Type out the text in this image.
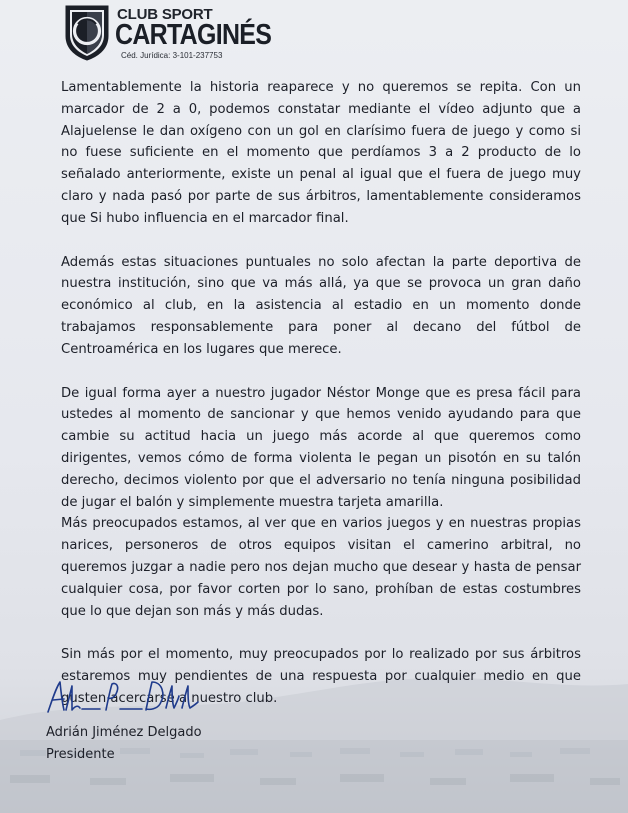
CLUB SPORT
CARTAGINÉS
Céd. Jurídica: 3-101-237753

Lamentablemente la historia reaparece y no queremos se repita. Con un marcador de 2 a 0, podemos constatar mediante el vídeo adjunto que a Alajuelense le dan oxígeno con un gol en clarísimo fuera de juego y como si no fuese suficiente en el momento que perdíamos 3 a 2 producto de lo señalado anteriormente, existe un penal al igual que el fuera de juego muy claro y nada pasó por parte de sus árbitros, lamentablemente consideramos que Si hubo influencia en el marcador final.

Además estas situaciones puntuales no solo afectan la parte deportiva de nuestra institución, sino que va más allá, ya que se provoca un gran daño económico al club, en la asistencia al estadio en un momento donde trabajamos responsablemente para poner al decano del fútbol de Centroamérica en los lugares que merece.

De igual forma ayer a nuestro jugador Néstor Monge que es presa fácil para ustedes al momento de sancionar y que hemos venido ayudando para que cambie su actitud hacia un juego más acorde al que queremos como dirigentes, vemos cómo de forma violenta le pegan un pisotón en su talón derecho, decimos violento por que el adversario no tenía ninguna posibilidad de jugar el balón y simplemente muestra tarjeta amarilla.

Más preocupados estamos, al ver que en varios juegos y en nuestras propias narices, personeros de otros equipos visitan el camerino arbitral, no queremos juzgar a nadie pero nos dejan mucho que desear y hasta de pensar cualquier cosa, por favor corten por lo sano, prohíban de estas costumbres que lo que dejan son más y más dudas.

Sin más por el momento, muy preocupados por lo realizado por sus árbitros estaremos muy pendientes de una respuesta por cualquier medio en que gusten acercarse a nuestro club.

Adrián Jiménez Delgado
Presidente
